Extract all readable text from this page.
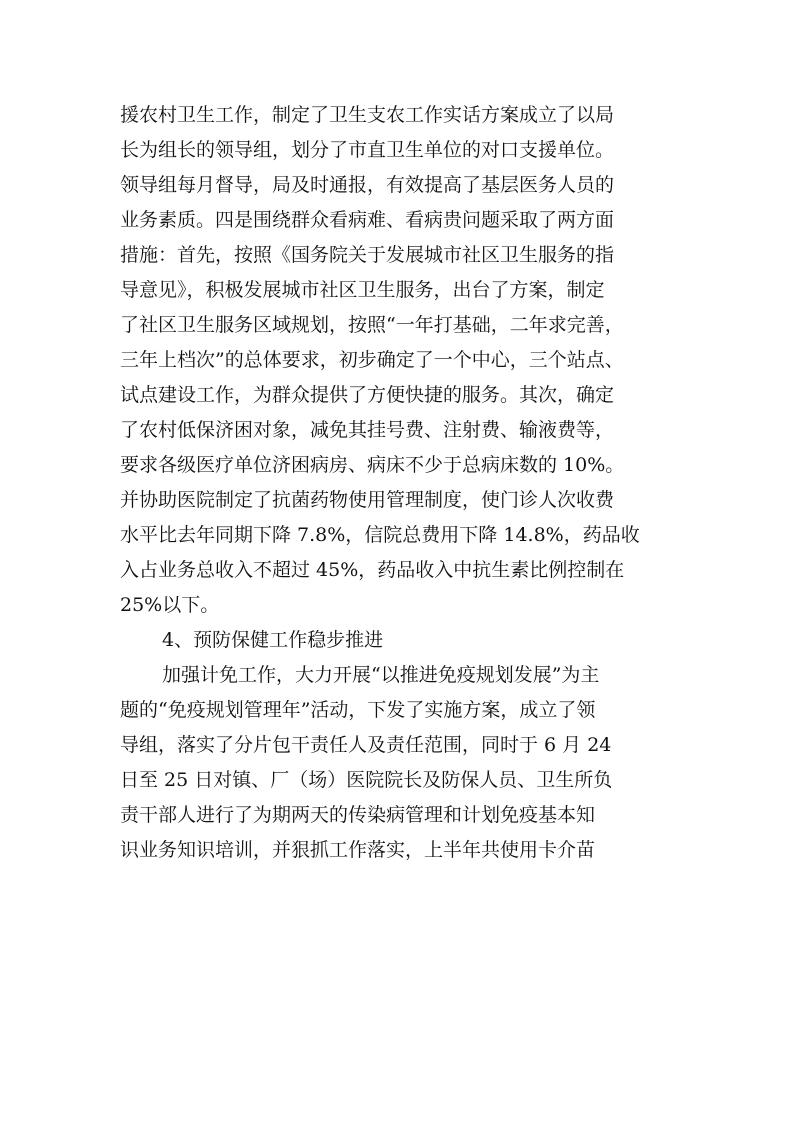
援农村卫生工作，制定了卫生支农工作实话方案成立了以局
长为组长的领导组，划分了市直卫生单位的对口支援单位。
领导组每月督导，局及时通报，有效提高了基层医务人员的
业务素质。四是围绕群众看病难、看病贵问题采取了两方面
措施：首先，按照《国务院关于发展城市社区卫生服务的指
导意见》，积极发展城市社区卫生服务，出台了方案，制定
了社区卫生服务区域规划，按照“一年打基础，二年求完善，
三年上档次”的总体要求，初步确定了一个中心，三个站点、
试点建设工作，为群众提供了方便快捷的服务。其次，确定
了农村低保济困对象，减免其挂号费、注射费、输液费等，
要求各级医疗单位济困病房、病床不少于总病床数的 10%。
并协助医院制定了抗菌药物使用管理制度，使门诊人次收费
水平比去年同期下降 7.8%，信院总费用下降 14.8%，药品收
入占业务总收入不超过 45%，药品收入中抗生素比例控制在
25%以下。
4、预防保健工作稳步推进
加强计免工作，大力开展“以推进免疫规划发展”为主
题的“免疫规划管理年”活动，下发了实施方案，成立了领
导组，落实了分片包干责任人及责任范围，同时于 6 月 24
日至 25 日对镇、厂（场）医院院长及防保人员、卫生所负
责干部人进行了为期两天的传染病管理和计划免疫基本知
识业务知识培训，并狠抓工作落实，上半年共使用卡介苗
